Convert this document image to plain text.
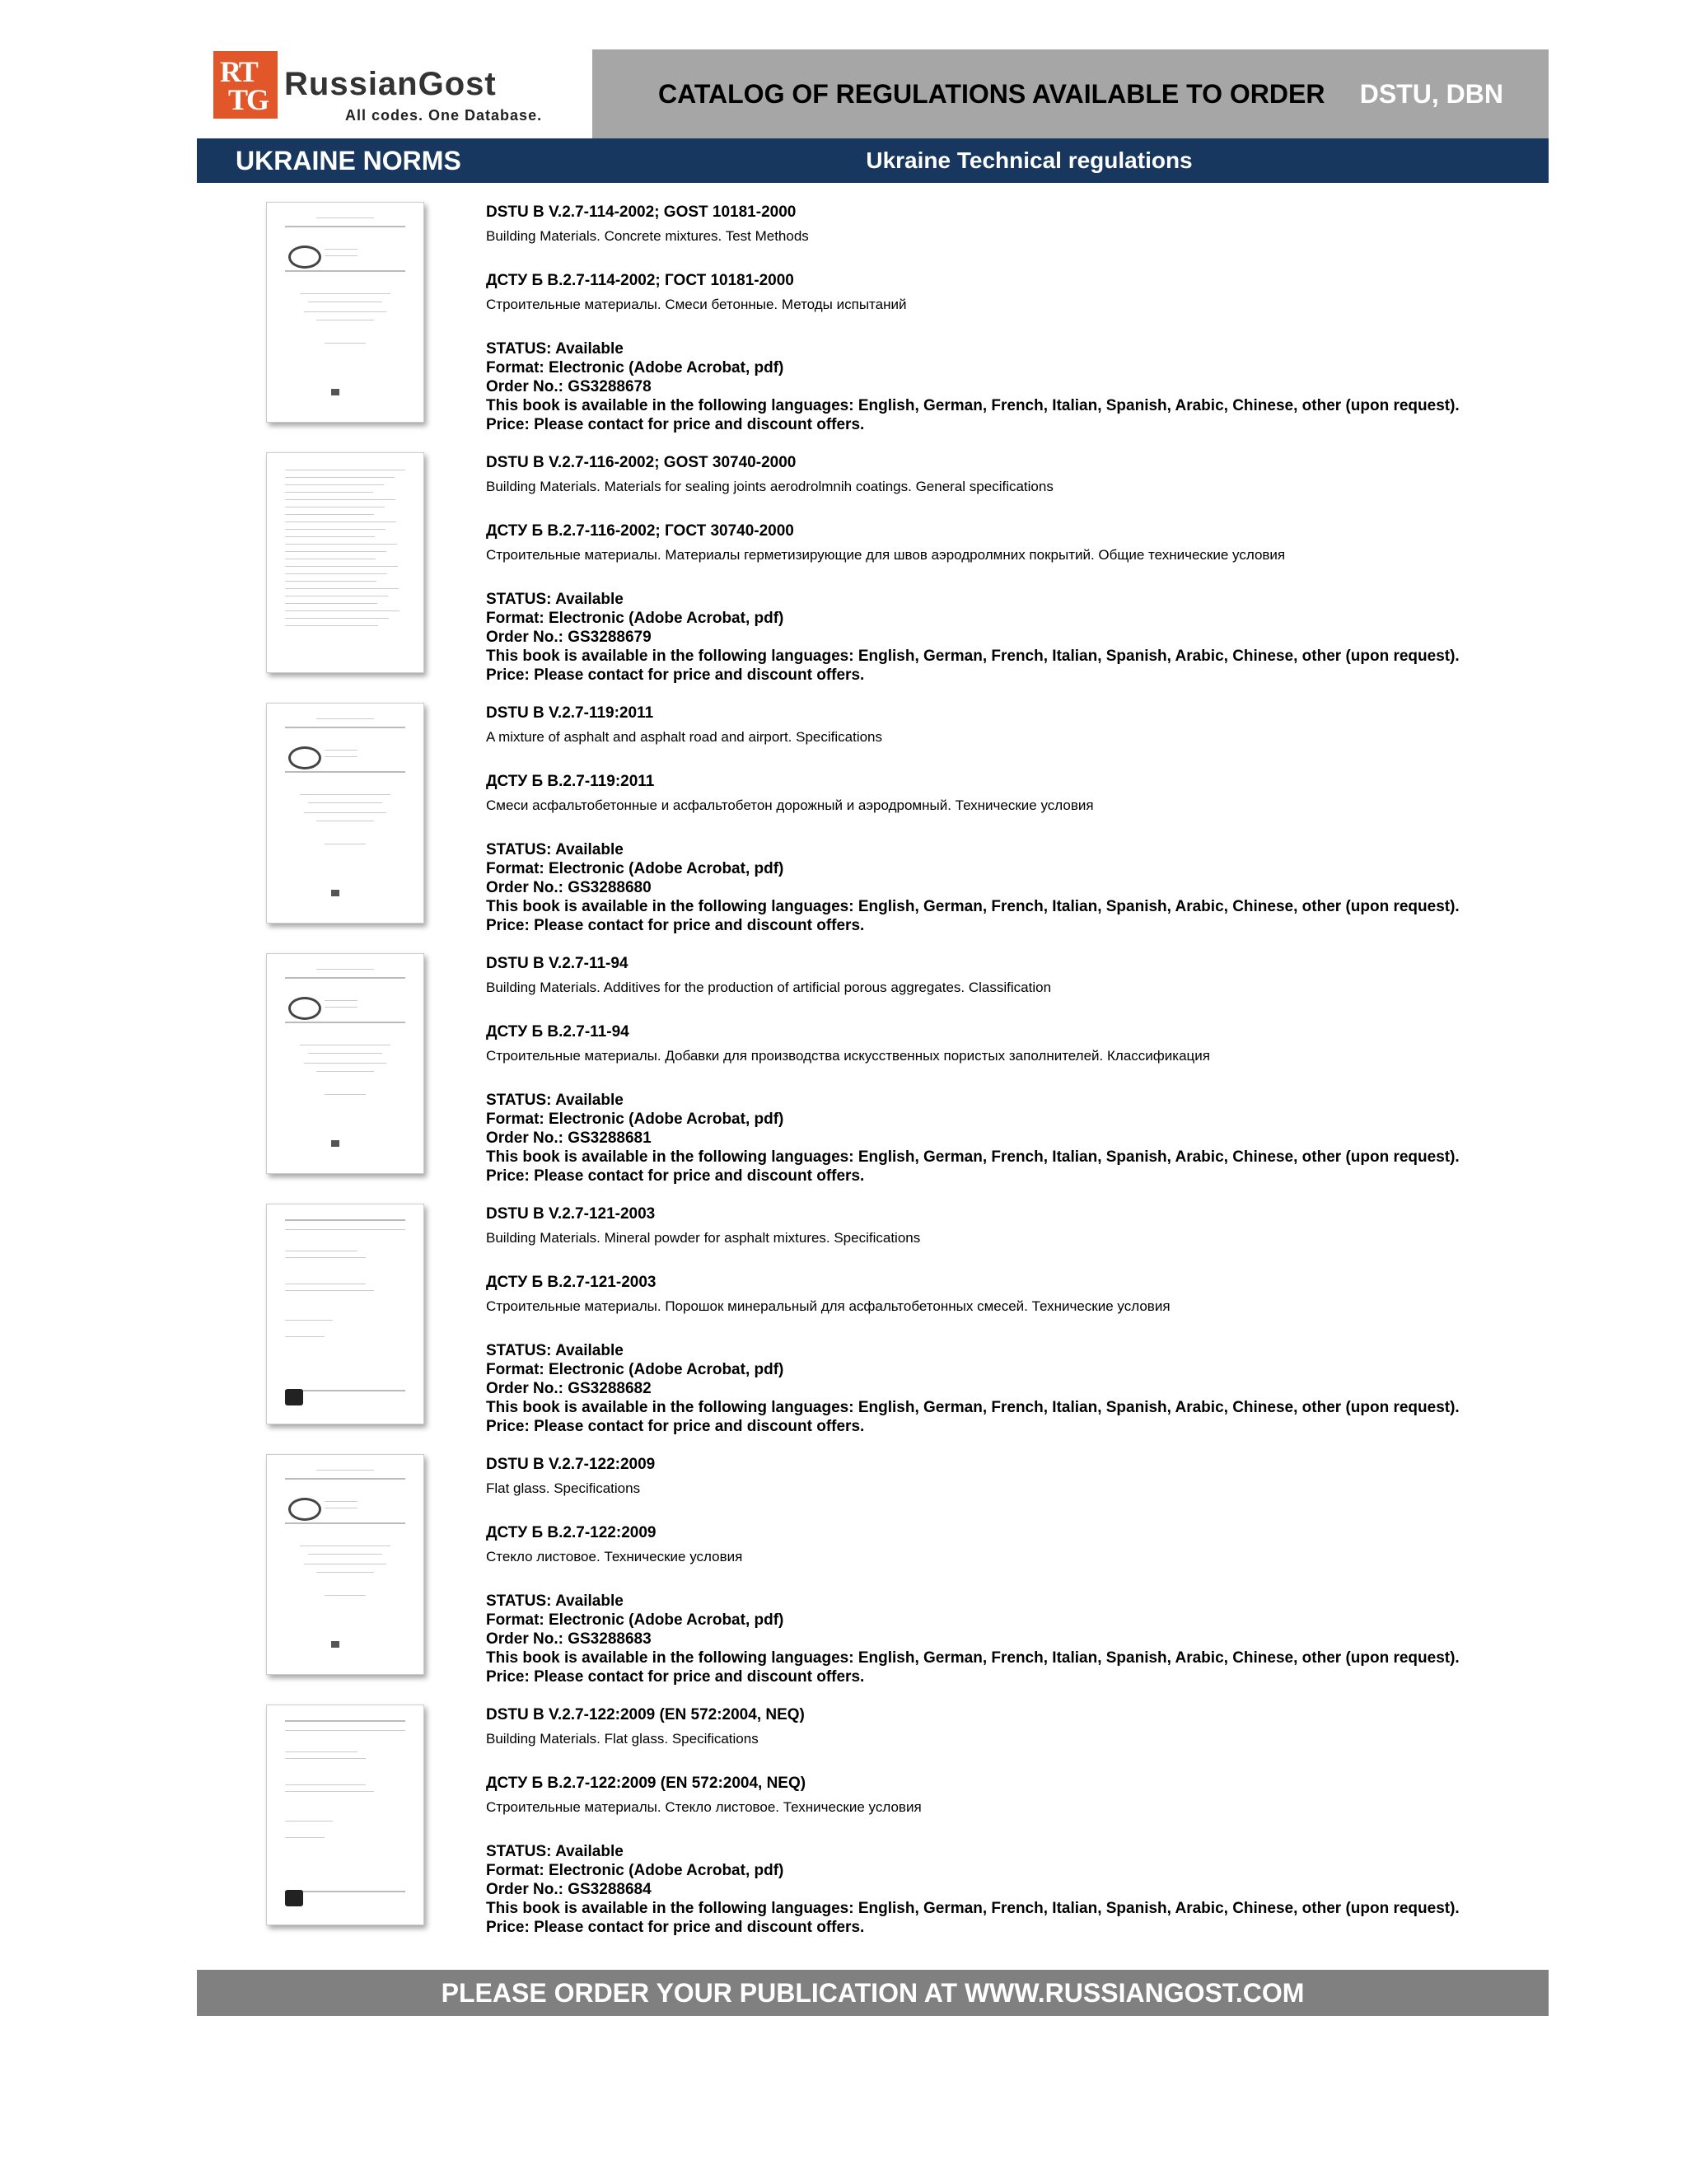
RT
TG RussianGost
All codes. One Database.
CATALOG OF REGULATIONS AVAILABLE TO ORDER DSTU, DBN
UKRAINE NORMS	Ukraine Technical regulations
DSTU B V.2.7-114-2002; GOST 10181-2000
Building Materials. Concrete mixtures. Test Methods
ДСТУ Б В.2.7-114-2002; ГОСТ 10181-2000
Строительные материалы. Смеси бетонные. Методы испытаний
STATUS: Available
Format: Electronic (Adobe Acrobat, pdf)
Order No.: GS3288678
This book is available in the following languages: English, German, French, Italian, Spanish, Arabic, Chinese, other (upon request).
Price: Please contact for price and discount offers.
DSTU B V.2.7-116-2002; GOST 30740-2000
Building Materials. Materials for sealing joints aerodrolmnih coatings. General specifications
ДСТУ Б В.2.7-116-2002; ГОСТ 30740-2000
Строительные материалы. Материалы герметизирующие для швов аэродролмних покрытий. Общие технические условия
STATUS: Available
Format: Electronic (Adobe Acrobat, pdf)
Order No.: GS3288679
This book is available in the following languages: English, German, French, Italian, Spanish, Arabic, Chinese, other (upon request).
Price: Please contact for price and discount offers.
DSTU B V.2.7-119:2011
A mixture of asphalt and asphalt road and airport. Specifications
ДСТУ Б В.2.7-119:2011
Смеси асфальтобетонные и асфальтобетон дорожный и аэродромный. Технические условия
STATUS: Available
Format: Electronic (Adobe Acrobat, pdf)
Order No.: GS3288680
This book is available in the following languages: English, German, French, Italian, Spanish, Arabic, Chinese, other (upon request).
Price: Please contact for price and discount offers.
DSTU B V.2.7-11-94
Building Materials. Additives for the production of artificial porous aggregates. Classification
ДСТУ Б В.2.7-11-94
Строительные материалы. Добавки для производства искусственных пористых заполнителей. Классификация
STATUS: Available
Format: Electronic (Adobe Acrobat, pdf)
Order No.: GS3288681
This book is available in the following languages: English, German, French, Italian, Spanish, Arabic, Chinese, other (upon request).
Price: Please contact for price and discount offers.
DSTU B V.2.7-121-2003
Building Materials. Mineral powder for asphalt mixtures. Specifications
ДСТУ Б В.2.7-121-2003
Строительные материалы. Порошок минеральный для асфальтобетонных смесей. Технические условия
STATUS: Available
Format: Electronic (Adobe Acrobat, pdf)
Order No.: GS3288682
This book is available in the following languages: English, German, French, Italian, Spanish, Arabic, Chinese, other (upon request).
Price: Please contact for price and discount offers.
DSTU B V.2.7-122:2009
Flat glass. Specifications
ДСТУ Б В.2.7-122:2009
Стекло листовое. Технические условия
STATUS: Available
Format: Electronic (Adobe Acrobat, pdf)
Order No.: GS3288683
This book is available in the following languages: English, German, French, Italian, Spanish, Arabic, Chinese, other (upon request).
Price: Please contact for price and discount offers.
DSTU B V.2.7-122:2009 (EN 572:2004, NEQ)
Building Materials. Flat glass. Specifications
ДСТУ Б В.2.7-122:2009 (EN 572:2004, NEQ)
Строительные материалы. Стекло листовое. Технические условия
STATUS: Available
Format: Electronic (Adobe Acrobat, pdf)
Order No.: GS3288684
This book is available in the following languages: English, German, French, Italian, Spanish, Arabic, Chinese, other (upon request).
Price: Please contact for price and discount offers.
PLEASE ORDER YOUR PUBLICATION AT WWW.RUSSIANGOST.COM
